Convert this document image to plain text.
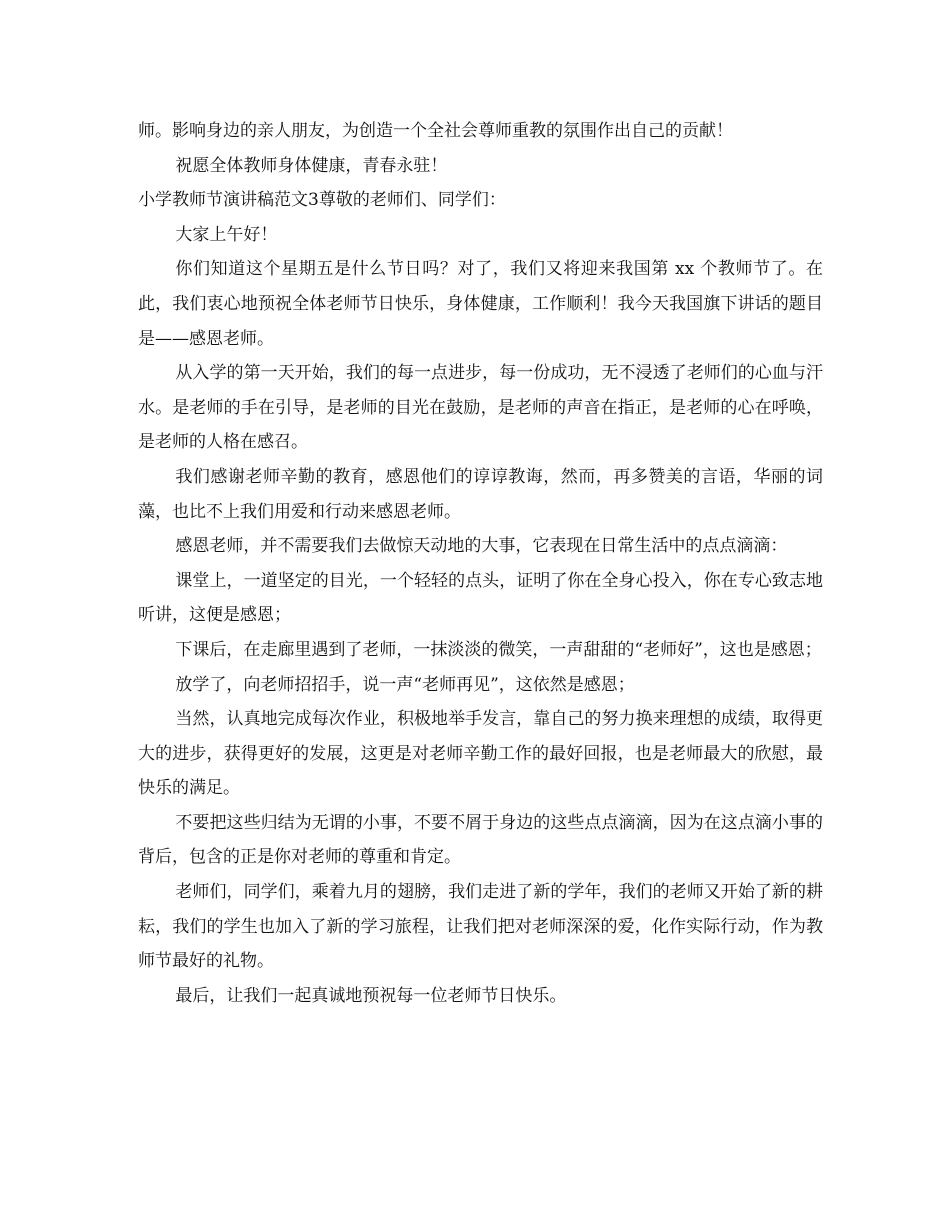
师。影响身边的亲人朋友，为创造一个全社会尊师重教的氛围作出自己的贡献！

祝愿全体教师身体健康，青春永驻！

小学教师节演讲稿范文3尊敬的老师们、同学们：

大家上午好！

你们知道这个星期五是什么节日吗？对了，我们又将迎来我国第 xx 个教师节了。在此，我们衷心地预祝全体老师节日快乐，身体健康，工作顺利！我今天我国旗下讲话的题目是——感恩老师。

从入学的第一天开始，我们的每一点进步，每一份成功，无不浸透了老师们的心血与汗水。是老师的手在引导，是老师的目光在鼓励，是老师的声音在指正，是老师的心在呼唤，是老师的人格在感召。

我们感谢老师辛勤的教育，感恩他们的谆谆教诲，然而，再多赞美的言语，华丽的词藻，也比不上我们用爱和行动来感恩老师。

感恩老师，并不需要我们去做惊天动地的大事，它表现在日常生活中的点点滴滴：

课堂上，一道坚定的目光，一个轻轻的点头，证明了你在全身心投入，你在专心致志地听讲，这便是感恩；

下课后，在走廊里遇到了老师，一抹淡淡的微笑，一声甜甜的“老师好”，这也是感恩；

放学了，向老师招招手，说一声“老师再见”，这依然是感恩；

当然，认真地完成每次作业，积极地举手发言，靠自己的努力换来理想的成绩，取得更大的进步，获得更好的发展，这更是对老师辛勤工作的最好回报，也是老师最大的欣慰，最快乐的满足。

不要把这些归结为无谓的小事，不要不屑于身边的这些点点滴滴，因为在这点滴小事的背后，包含的正是你对老师的尊重和肯定。

老师们，同学们，乘着九月的翅膀，我们走进了新的学年，我们的老师又开始了新的耕耘，我们的学生也加入了新的学习旅程，让我们把对老师深深的爱，化作实际行动，作为教师节最好的礼物。

最后，让我们一起真诚地预祝每一位老师节日快乐。
